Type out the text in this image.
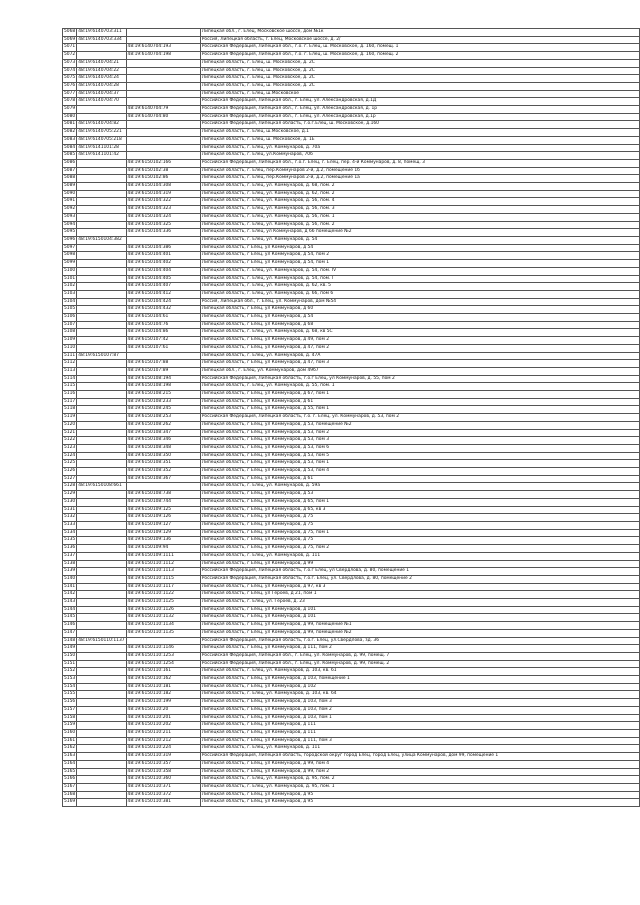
5068	48:19:6140703:311		Липецкая обл., г. Елец, Московское шоссе, дом №1к
5069	48:19:6140703:334		Россия, Липецкая область, г. Елец, Московское шоссе, д. 2/
5071		48:19:6140704:193	Российская Федерация, Липецкая обл., г.о. г. Елец, ш. Московское, д. 160, помещ. 1
5072		48:19:6140704:198	Российская Федерация, Липецкая обл., г.о. г. Елец, ш. Московское, д. 160, помещ. 2
5073	48:19:6140704:21		Липецкая область, г. Елец, ш. Московское, д. 2С
5074	48:19:6140704:22		Липецкая область, г. Елец, ш. Московское, д. 2С
5075	48:19:6140704:24		Липецкая область, г. Елец, ш. Московское, д. 2С
5076	48:19:6140704:28		Липецкая область, г. Елец, ш. Московское, д. 2С
5077	48:19:6140704:37		Липецкая область, г. Елец, ш.Московское
5078	48:19:6140704:70		Российская Федерация, Липецкая обл., г. Елец, ул. Александровская, д.1Д
5079		48:19:6140704:79	Российская Федерация, Липецкая обл., г. Елец, ул. Александровская, д. 1р
5080		48:19:6140704:80	Российская Федерация, Липецкая обл., г. Елец, ул. Александровская, д.1р
5081	48:19:6140704:82		Российская Федерация, Липецкая область, г.о.г.Елец, ш. Московское, д.160
5082	48:19:6140705:221		Липецкая область, г. Елец, ш.Московское, д.1
5083	48:19:6140705:218		Липецкая область, г. Елец, ш. Московское, д. 1Е
5084	48:19:6141101:28		Липецкая область, г. Елец, ул. Коммунаров, д. 70а
5085	48:19:6141101:42		Липецкая область, г. Елец, ул.Коммунаров, 70б
5086		48:19:6150102:166	Российская Федерация, Липецкая обл., г.о.г. Елец, г. Елец, пер. 4-й Коммунаров, д. 8, помещ. 3
5087		48:19:6150102:38	Липецкая область, г. Елец, пер.Коммунаров 2-й, д.2, помещение 1б
5088		48:19:6150102:86	Липецкая область, г. Елец, пер.Коммунаров 2-й, д.2, помещение 1а
5089		48:19:6150104:308	Липецкая область, г. Елец, ул. Коммунаров, д. 68, пом. 2
5090		48:19:6150104:319	Липецкая область, г. Елец, ул. Коммунаров, д. 62, пом. 2
5091		48:19:6150104:322	Липецкая область, г. Елец, ул. Коммунаров, д. 56, пом. 4
5092		48:19:6150104:323	Липецкая область, г. Елец, ул. Коммунаров, д. 56, пом. 3
5093		48:19:6150104:324	Липецкая область, г. Елец, ул. Коммунаров, д. 56, пом. 1
5094		48:19:6150104:325	Липецкая область, г. Елец, ул. Коммунаров, д. 56, пом. 2
5095		48:19:6150104:336	Липецкая область, г. Елец, ул Коммунаров, д 66 помещение №2
5096	48:19:6150104:382		Липецкая область, г. Елец, ул. Коммунаров, д. 54
5097		48:19:6150104:386	Липецкая область, г Елец, ул Коммунаров, д 54
5098		48:19:6150104:401	Липецкая область, г Елец, ул Коммунаров, д 54, пом 2
5099		48:19:6150104:402	Липецкая область, г Елец, ул Коммунаров, д 54, пом 1
5100		48:19:6150104:404	Липецкая область, г. Елец, ул. Коммунаров, д. 54, пом. IV
5101		48:19:6150104:405	Липецкая область, г. Елец, ул. Коммунаров, д. 54, пом. I
5102		48:19:6150104:407	Липецкая область, г. Елец, ул. Коммунаров, д. 62, кв. 5
5103		48:19:6150104:412	Липецкая область, г. Елец, ул. Коммунаров, д. 66, пом 6
5104		48:19:6150104:424	Россия, Липецкая обл., г. Елец, ул. Коммунаров, дом №54
5105		48:19:6150104:432	Липецкая область, г Елец, ул Коммунаров, д 60
5106		48:19:6150104:61	Липецкая область, г Елец, ул Коммунаров, д 54
5107		48:19:6150104:76	Липецкая область, г Елец, ул Коммунаров, д 68
5108		48:19:6150104:86	Липецкая область, г. Елец, ул. Коммунаров, д. 68, кв 5С
5109		48:19:6150107:42	Липецкая область, г Елец, ул Коммунаров, д 49, пом 2
5110		48:19:6150107:61	Липецкая область, г Елец, ул Коммунаров, д 47, пом 2
5111	48:19:6150107:87		Липецкая область, г. Елец, ул. Коммунаров, д. 47А
5112		48:19:6150107:88	Липецкая область, г Елец, ул Коммунаров, д 47, пом 3
5113		48:19:6150107:89	Липецкая обл., г. Елец, ул. Коммунаров, дом 49б7
5114		48:19:6150108:194	Российская Федерация, Липецкая область, г.о.г Елец, ул Коммунаров, д. 55, пом 2
5115		48:19:6150108:198	Липецкая область, г. Елец, ул. Коммунаров, д. 55, пом. 1
5116		48:19:6150108:215	Липецкая область, г Елец, ул Коммунаров, д 67, пом 1
5117		48:19:6150108:233	Липецкая область, г Елец, ул Коммунаров, д 61
5118		48:19:6150108:245	Липецкая область, г Елец, ул Коммунаров, д 55, пом 1
5119		48:19:6150108:253	Российская Федерация, Липецкая область, г.о. г. Елец, ул. Коммунаров, д. 53, пом 2
5120		48:19:6150108:262	Липецкая область, г Елец, ул Коммунаров, д 53, помещение №2
5121		48:19:6150108:347	Липецкая область, г Елец, ул Коммунаров, д 53, пом 2
5122		48:19:6150108:346	Липецкая область, г Елец, ул Коммунаров, д 53, пом 3
5123		48:19:6150108:348	Липецкая область, г Елец, ул Коммунаров, д 53, пом 6
5124		48:19:6150108:350	Липецкая область, г Елец, ул Коммунаров, д 53, пом 5
5125		48:19:6150108:351	Липецкая область, г Елец, ул Коммунаров, д 53, пом 1
5126		48:19:6150108:352	Липецкая область, г Елец, ул Коммунаров, д 53, пом 4
5127		48:19:6150108:367	Липецкая область, г Елец, ул Коммунаров, д 61
5128	48:19:6150108:661		Липецкая область, г. Елец, ул. Коммунаров, д. 59а
5129		48:19:6150108:738	Липецкая область, г Елец, ул Коммунаров, д 53
5130		48:19:6150108:744	Липецкая область, г Елец, ул Коммунаров, д 65, пом 1
5131		48:19:6150109:125	Липецкая область, г Елец, ул Коммунаров, д 65, кв 3
5132		48:19:6150109:126	Липецкая область, г Елец, ул Коммунаров, д 75
5133		48:19:6150109:127	Липецкая область, г Елец, ул Коммунаров, д 75
5134		48:19:6150109:129	Липецкая область, г Елец, ул Коммунаров, д 75, пом 1
5135		48:19:6150109:136	Липецкая область, г Елец, ул Коммунаров, д 75
5136		48:19:6150109:94	Липецкая область, г Елец, ул Коммунаров, д 75, пом 2
5137		48:19:6150109:1111	Липецкая область, г. Елец, ул. Коммунаров, д. 111
5138		48:19:6150110:1112	Липецкая область, г Елец, ул Коммунаров, д 99
5139		48:19:6150110:1113	Российская Федерация, Липецкая область, г.о.г Елец, ул Свердлова, д. 80, помещение 1
5140		48:19:6150110:1115	Российская Федерация, Липецкая область, г.о.г. Елец, ул. Свердлова, д. 80, помещение 2
5141		48:19:6150110:1117	Липецкая область, г Елец, ул Коммунаров, д 97, кв 3
5142		48:19:6150110:1122	Липецкая область, г Елец, ул Героев, д 21, пом 1
5143		48:19:6150110:1125	Липецкая область, г. Елец, ул. Героев, д. 23
5144		48:19:6150110:1126	Липецкая область, г Елец, ул Коммунаров, д 101
5145		48:19:6150110:1132	Липецкая область, г Елец, ул Коммунаров, д 101
5146		48:19:6150110:1134	Липецкая область, г Елец, ул Коммунаров, д 99, помещение №1
5147		48:19:6150110:1135	Липецкая область, г Елец, ул Коммунаров, д 99, помещение №2
5148	48:19:6150110:1137		Российская Федерация, Липецкая область, г.о.г. Елец, ул.Свердлова, зд. 36
5149		48:19:6150110:1146	Липецкая область, г Елец, ул Коммунаров, д 111, пом 2
5150		48:19:6150110:1253	Российская Федерация, Липецкая обл., г. Елец, ул. Коммунаров, д. 99, помещ. 7
5151		48:19:6150110:1254	Российская Федерация, Липецкая обл., г. Елец, ул. Коммунаров, д. 99, помещ. 2
5152		48:19:6150110:161	Липецкая область, г. Елец, ул. Коммунаров, д. 103, кв. 61
5153		48:19:6150110:162	Липецкая область, г Елец, ул Коммунаров, д 103, помещение 1
5154		48:19:6150110:181	Липецкая область, г Елец, ул Коммунаров, д 102
5155		48:19:6150110:182	Липецкая область, г. Елец, ул. Коммунаров, д. 103, кв. 64
5156		48:19:6150110:199	Липецкая область, г Елец, ул Коммунаров, д 103, пом 3
5157		48:19:6150110:20	Липецкая область, г Елец, ул Коммунаров, д 103, пом 2
5158		48:19:6150110:201	Липецкая область, г Елец, ул Коммунаров, д 103, пом 1
5159		48:19:6150110:202	Липецкая область, г Елец, ул Коммунаров, д 111
5160		48:19:6150110:211	Липецкая область, г Елец, ул Коммунаров, д 111
5161		48:19:6150110:212	Липецкая область, г Елец, ул Коммунаров, д 111, пом 3
5162		48:19:6150110:224	Липецкая область, г. Елец, ул. Коммунаров, д. 111
5163		48:19:6150110:319	Российская Федерация, Липецкая область, городской округ город Елец, город Елец, улица Коммунаров, дом 99, помещение 1
5164		48:19:6150110:357	Липецкая область, г Елец, ул Коммунаров, д 99, пом 4
5165		48:19:6150110:358	Липецкая область, г Елец, ул Коммунаров, д 99, пом 2
5166		48:19:6150110:360	Липецкая область, г. Елец, ул. Коммунаров, д. 95, пом. 2
5167		48:19:6150110:371	Липецкая область, г. Елец, ул. Коммунаров, д. 95, пом. 1
5168		48:19:6150110:372	Липецкая область, г Елец, ул Коммунаров, д 95
5169		48:19:6150110:381	Липецкая область, г Елец, ул Коммунаров, д 95
